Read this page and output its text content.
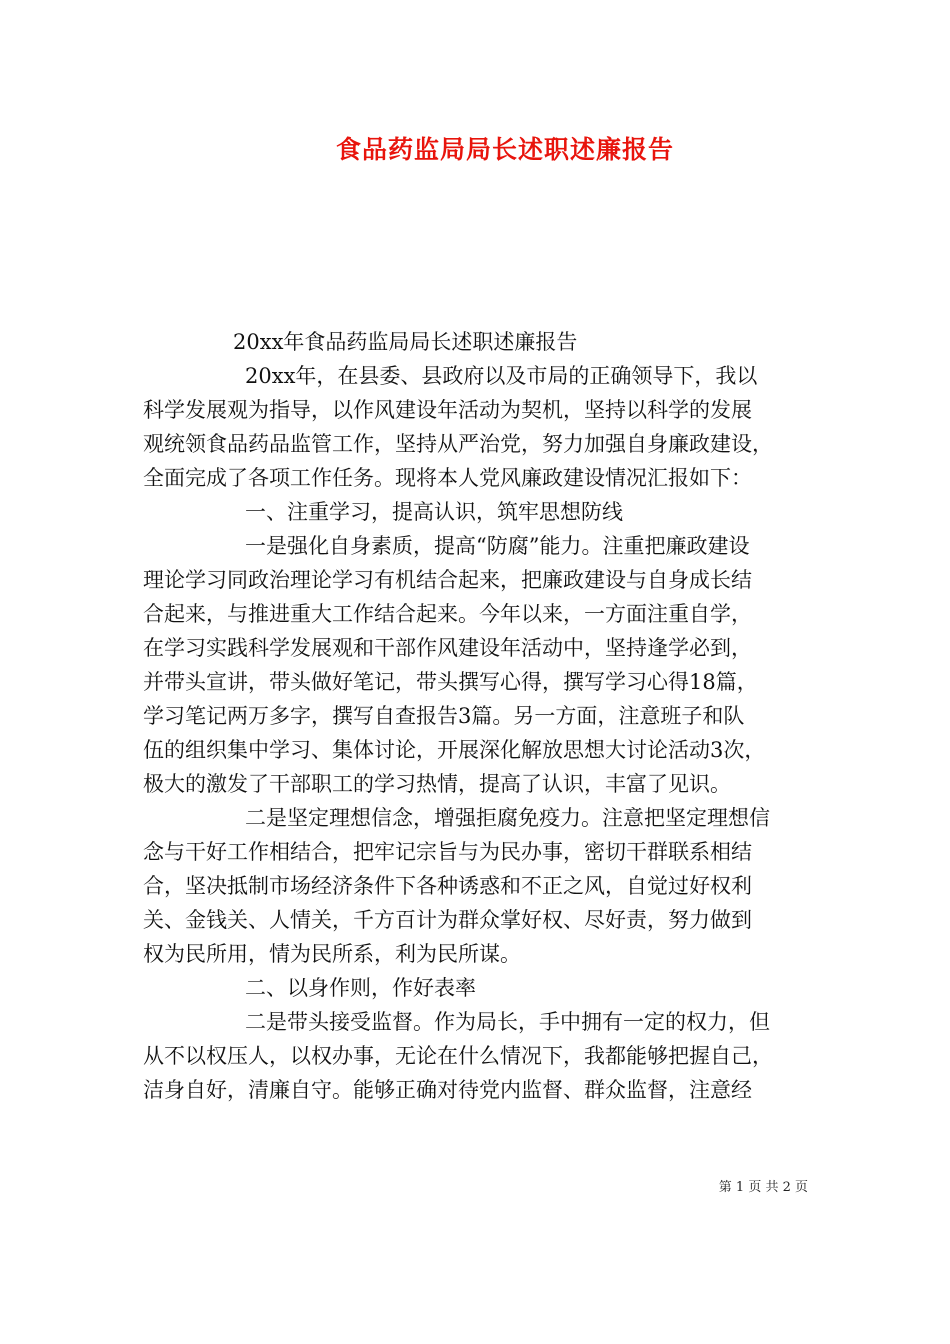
食品药监局局长述职述廉报告
20xx年食品药监局局长述职述廉报告
20xx年，在县委、县政府以及市局的正确领导下，我以
科学发展观为指导，以作风建设年活动为契机，坚持以科学的发展
观统领食品药品监管工作，坚持从严治党，努力加强自身廉政建设，
全面完成了各项工作任务。现将本人党风廉政建设情况汇报如下：
一、注重学习，提高认识，筑牢思想防线
一是强化自身素质，提高“防腐”能力。注重把廉政建设
理论学习同政治理论学习有机结合起来，把廉政建设与自身成长结
合起来，与推进重大工作结合起来。今年以来，一方面注重自学，
在学习实践科学发展观和干部作风建设年活动中，坚持逢学必到，
并带头宣讲，带头做好笔记，带头撰写心得，撰写学习心得18篇，
学习笔记两万多字，撰写自查报告3篇。另一方面，注意班子和队
伍的组织集中学习、集体讨论，开展深化解放思想大讨论活动3次，
极大的激发了干部职工的学习热情，提高了认识，丰富了见识。
二是坚定理想信念，增强拒腐免疫力。注意把坚定理想信
念与干好工作相结合，把牢记宗旨与为民办事，密切干群联系相结
合，坚决抵制市场经济条件下各种诱惑和不正之风，自觉过好权利
关、金钱关、人情关，千方百计为群众掌好权、尽好责，努力做到
权为民所用，情为民所系，利为民所谋。
二、以身作则，作好表率
二是带头接受监督。作为局长，手中拥有一定的权力，但
从不以权压人，以权办事，无论在什么情况下，我都能够把握自己，
洁身自好，清廉自守。能够正确对待党内监督、群众监督，注意经
第 1 页 共 2 页
